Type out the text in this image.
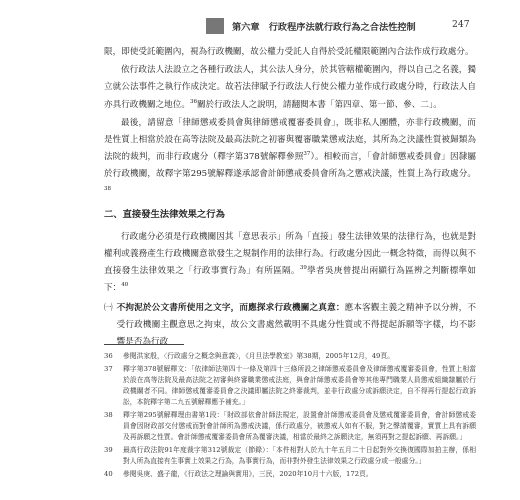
第六章　行政程序法就行政行為之合法性控制	247

限，即使受託範圍內，視為行政機關，故公權力受託人自得於受託權限範圍內合法作成行政處分。

依行政法人法設立之各種行政法人，其公法人身分，於其管轄權範圍內，得以自己之名義，獨立就公法事件之執行作成決定。故若法律賦予行政法人行使公權力並作成行政處分時，行政法人自亦具行政機關之地位。$^{36}$關於行政法人之說明，請翻閱本書「第四章、第一節、參、二」。

最後，請留意「律師懲戒委員會與律師懲戒覆審委員會」，既非私人團體，亦非行政機關，而是性質上相當於設在高等法院及最高法院之初審與覆審職業懲戒法庭，其所為之決議性質被歸類為法院的裁判，而非行政處分（釋字第378號解釋參照$^{37}$）。相較而言，「會計師懲戒委員會」因隸屬於行政機關，故釋字第295號解釋遂承認會計師懲戒委員會所為之懲戒決議，性質上為行政處分。$^{38}$

二、直接發生法律效果之行為

行政處分必須是行政機關因其「意思表示」所為「直接」發生法律效果的法律行為，也就是對權利或義務產生行政機關意欲發生之規制作用的法律行為。行政處分因此一概念特徵，而得以與不直接發生法律效果之「行政事實行為」有所區隔。$^{39}$學者吳庚曾提出兩顯行為區辨之判斷標準如下：$^{40}$

㈠ 不拘泥於公文書所使用之文字，而應探求行政機關之真意：應本客觀主義之精神予以分辨，不受行政機關主觀意思之拘束，故公文書處然載明不具處分性質或不得提起訴願等字樣，均不影響是否為行政
36	參閱洪家殷，〈行政處分之概念與意義〉，《月旦法學教室》第38期，2005年12月，49頁。
37	釋字第378號解釋文：「依律師法第四十一條及第四十三條所設之律師懲戒委員會及律師懲戒覆審委員會，性質上相當於設在高等法院及最高法院之初審與終審職業懲戒法庭，與會計師懲戒委員會等其他專門職業人員懲戒組織隸屬於行政機關者不同。律師懲戒覆審委員會之決議即屬法院之終審裁判，並非行政處分或訴願決定，自不得再行提起行政訴訟，本院釋字第二九五號解釋應予補充。」
38	釋字第295號解釋理由書第1段：「財政部依會計師法規定，設置會計師懲戒委員會及懲戒覆審委員會，會計師懲戒委員會因財政部交付懲戒而對會計師所為懲戒決議，係行政處分，被懲戒人如有不服，對之聲請覆審，實質上具有訴願及再訴願之性質。會計師懲戒覆審委員會所為覆審決議，相當於最終之訴願決定，無須再對之提起訴願、再訴願。」
39	最高行政法院91年度裁字第312號裁定（節錄）：「本件相對人於九十年五月二十日起對外交換復國際加拍主辦，係相對人所為直接有生事實上效果之行為，為事實行為，而非對外發生法律效果之行政處分或一般處分。」
40	參閱吳庚、盛子龍，《行政法之理論與實用》，三民，2020年10月十六版，172頁。
